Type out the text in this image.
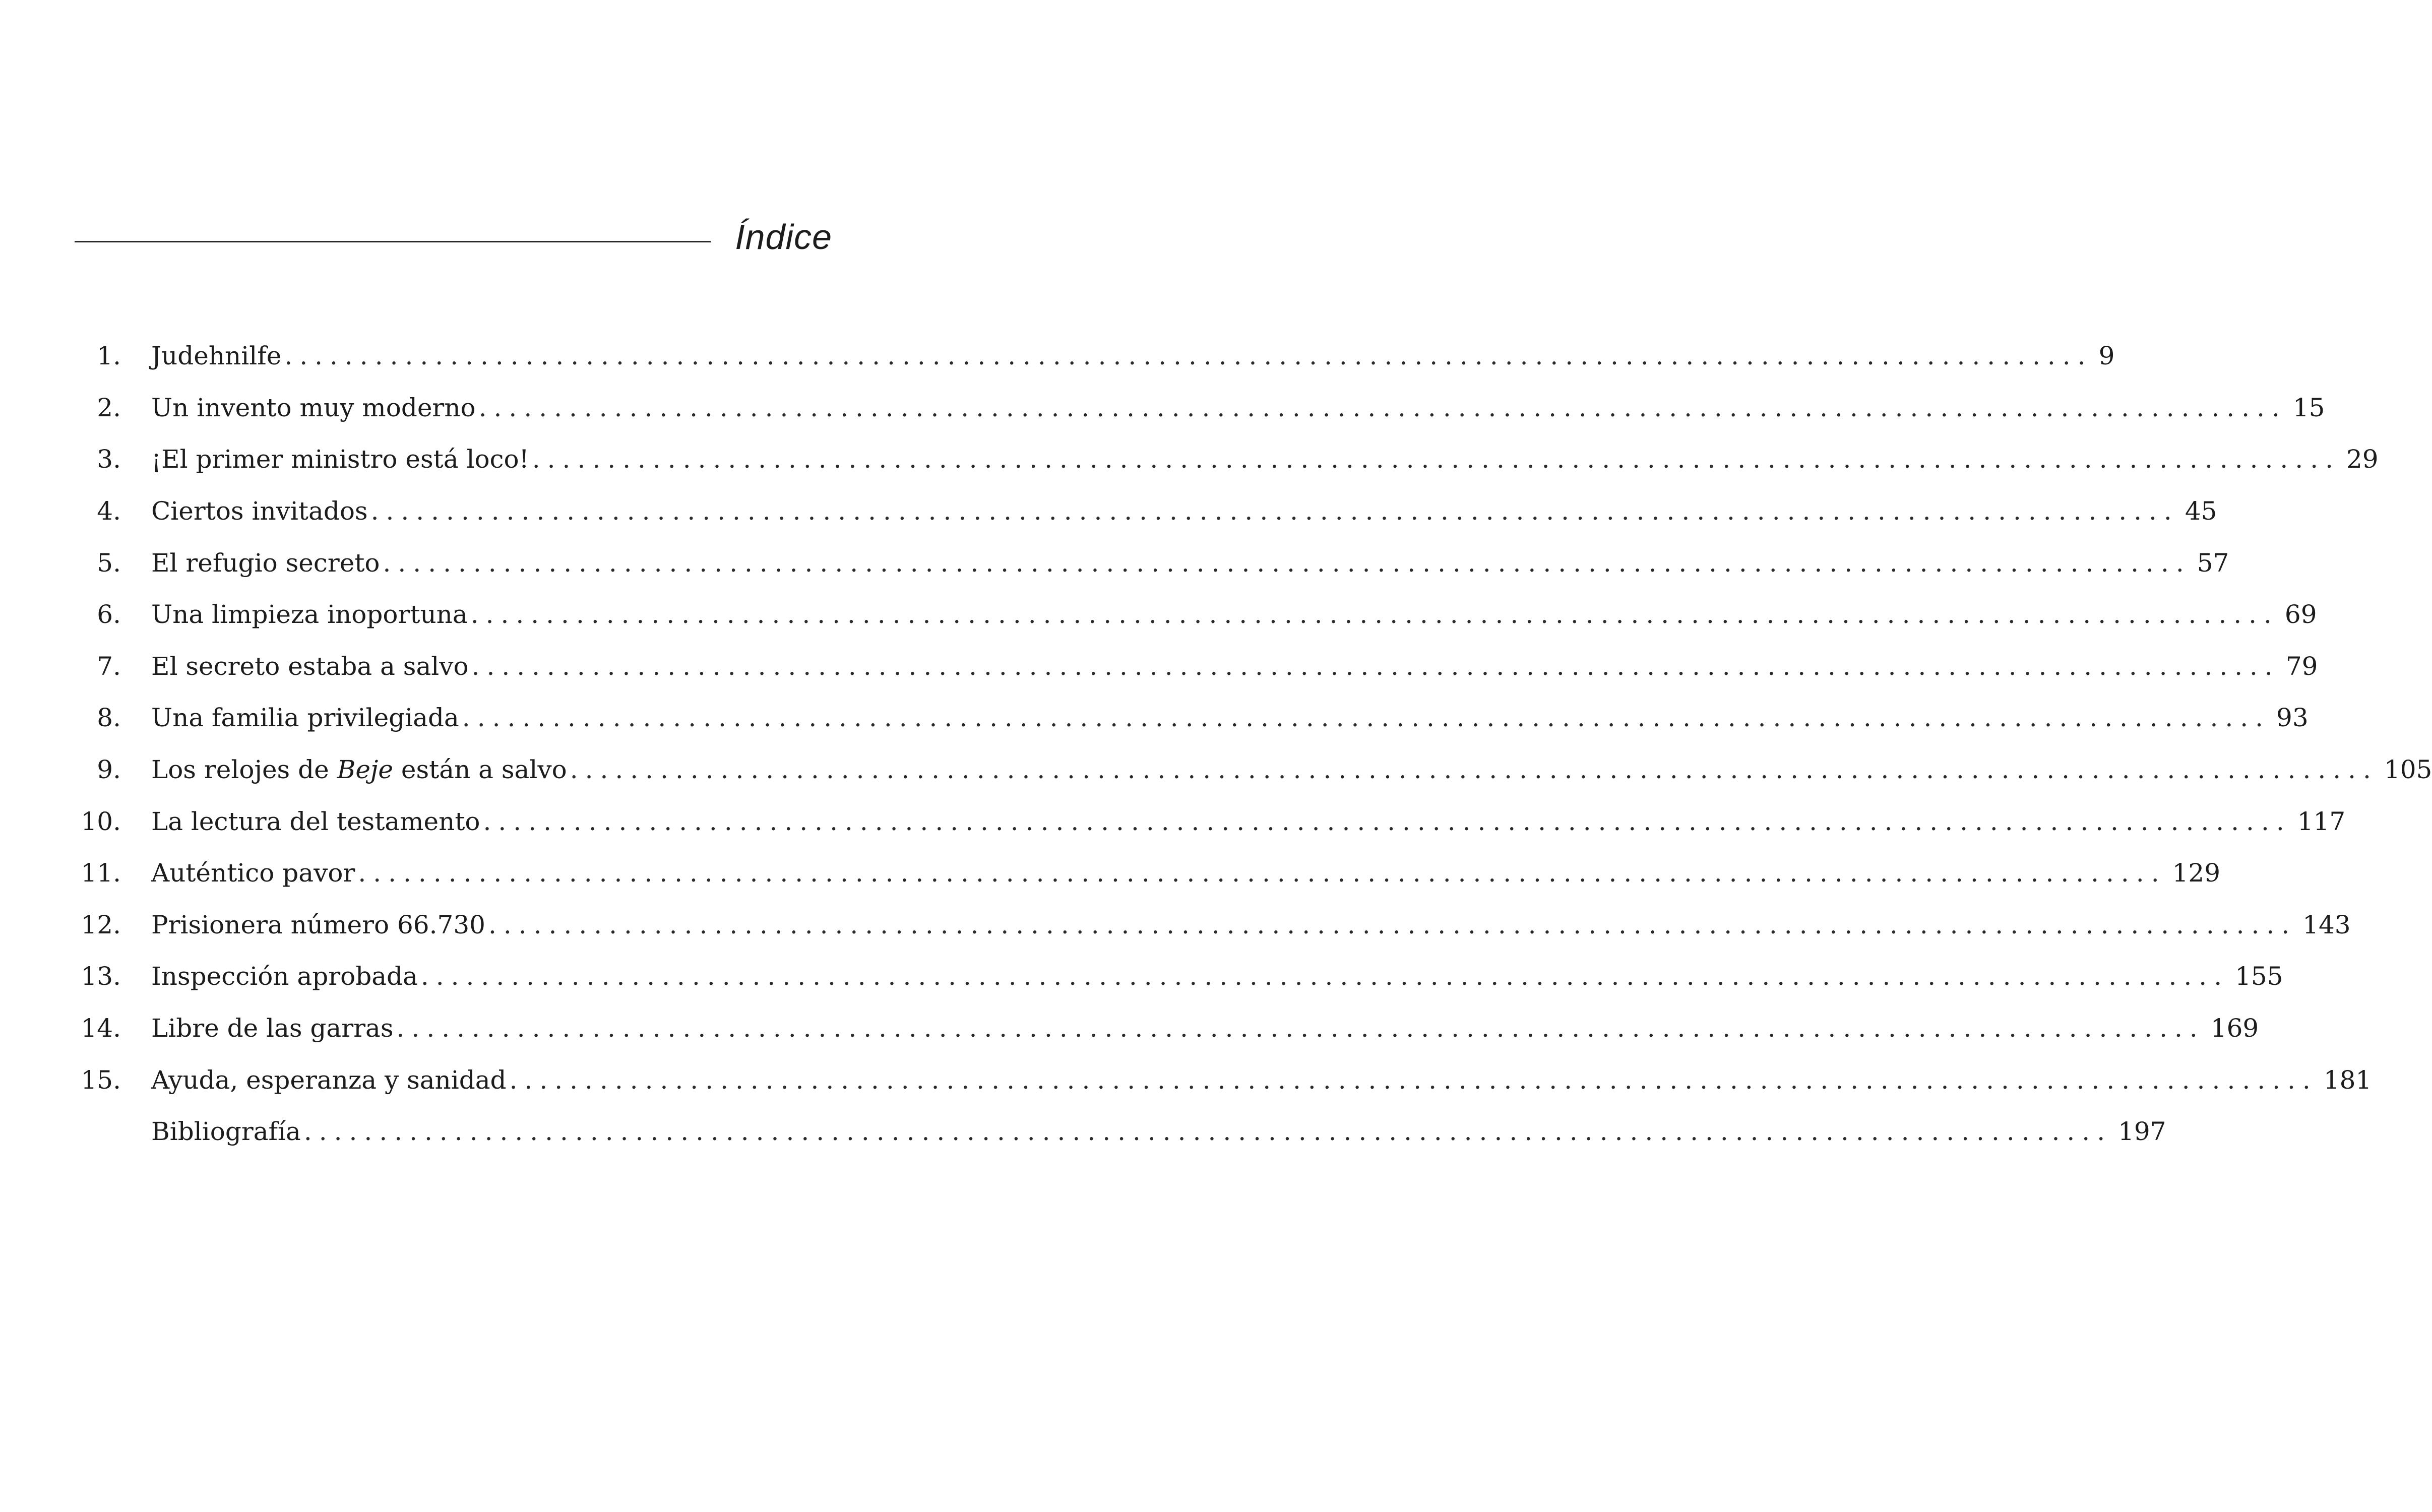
Índice
1. Judehnilfe ........................................................................................................................ 9
2. Un invento muy moderno ........................................................................................................................ 15
3. ¡El primer ministro está loco! ........................................................................................................................ 29
4. Ciertos invitados ........................................................................................................................ 45
5. El refugio secreto ........................................................................................................................ 57
6. Una limpieza inoportuna ........................................................................................................................ 69
7. El secreto estaba a salvo ........................................................................................................................ 79
8. Una familia privilegiada ........................................................................................................................ 93
9. Los relojes de Beje están a salvo ........................................................................................................................ 105
10. La lectura del testamento ........................................................................................................................ 117
11. Auténtico pavor ........................................................................................................................ 129
12. Prisionera número 66.730 ........................................................................................................................ 143
13. Inspección aprobada ........................................................................................................................ 155
14. Libre de las garras ........................................................................................................................ 169
15. Ayuda, esperanza y sanidad ........................................................................................................................ 181
Bibliografía ........................................................................................................................ 197
